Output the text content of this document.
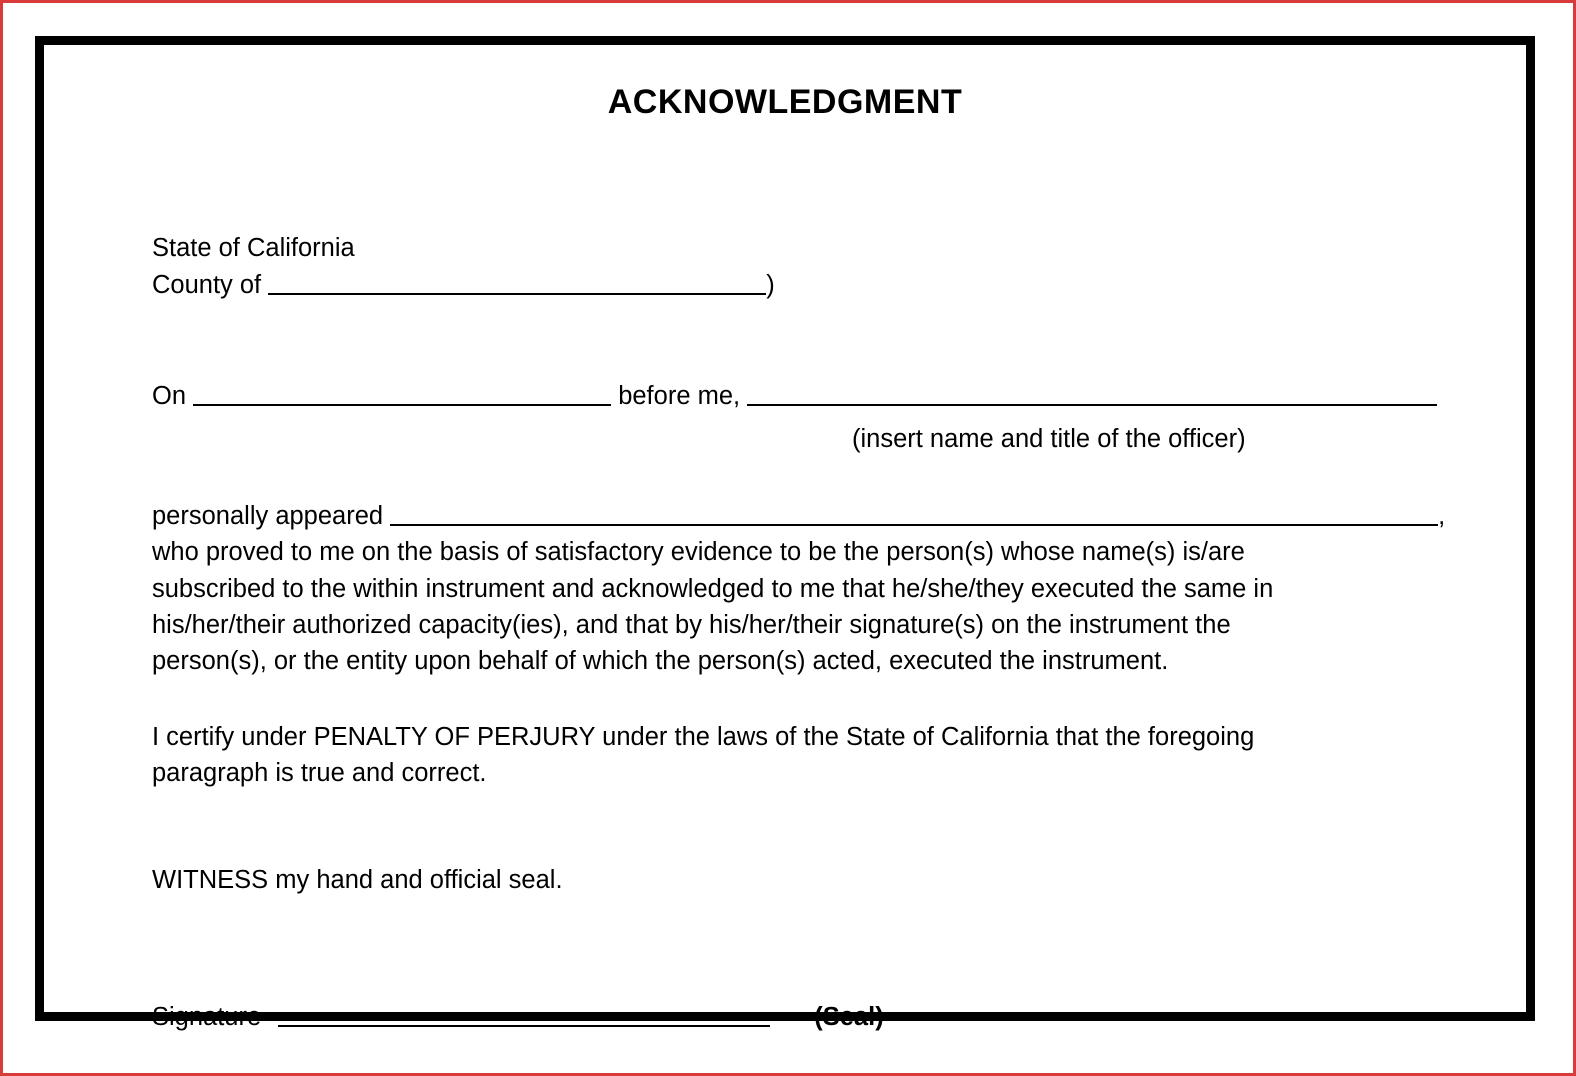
ACKNOWLEDGMENT
State of California
County of	)
On	before me,
(insert name and title of the officer)
personally appeared	,

who proved to me on the basis of satisfactory evidence to be the person(s) whose name(s) is/are

subscribed to the within instrument and acknowledged to me that he/she/they executed the same in

his/her/their authorized capacity(ies), and that by his/her/their signature(s) on the instrument the

person(s), or the entity upon behalf of which the person(s) acted, executed the instrument.

I certify under PENALTY OF PERJURY under the laws of the State of California that the foregoing

paragraph is true and correct.

WITNESS my hand and official seal.

Signature	(Seal)
